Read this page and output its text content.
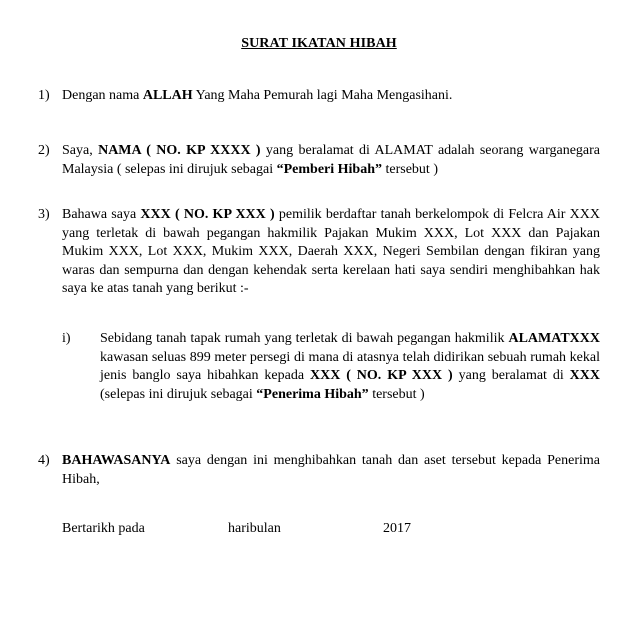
SURAT IKATAN HIBAH
1) Dengan nama ALLAH Yang Maha Pemurah lagi Maha Mengasihani.
2) Saya, NAMA ( NO. KP XXXX ) yang beralamat di ALAMAT adalah seorang warganegara Malaysia ( selepas ini dirujuk sebagai “Pemberi Hibah” tersebut )
3) Bahawa saya XXX ( NO. KP XXX ) pemilik berdaftar tanah berkelompok di Felcra Air XXX yang terletak di bawah pegangan hakmilik Pajakan Mukim XXX, Lot XXX dan Pajakan Mukim XXX, Lot XXX, Mukim XXX, Daerah XXX, Negeri Sembilan dengan fikiran yang waras dan sempurna dan dengan kehendak serta kerelaan hati saya sendiri menghibahkan hak saya ke atas tanah yang berikut :-
i)	Sebidang tanah tapak rumah yang terletak di bawah pegangan hakmilik ALAMATXXX kawasan seluas 899 meter persegi di mana di atasnya telah didirikan sebuah rumah kekal jenis banglo saya hibahkan kepada XXX ( NO. KP XXX ) yang beralamat di XXX (selepas ini dirujuk sebagai “Penerima Hibah” tersebut )
4) BAHAWASANYA saya dengan ini menghibahkan tanah dan aset tersebut kepada Penerima Hibah,
Bertarikh pada	haribulan	2017
